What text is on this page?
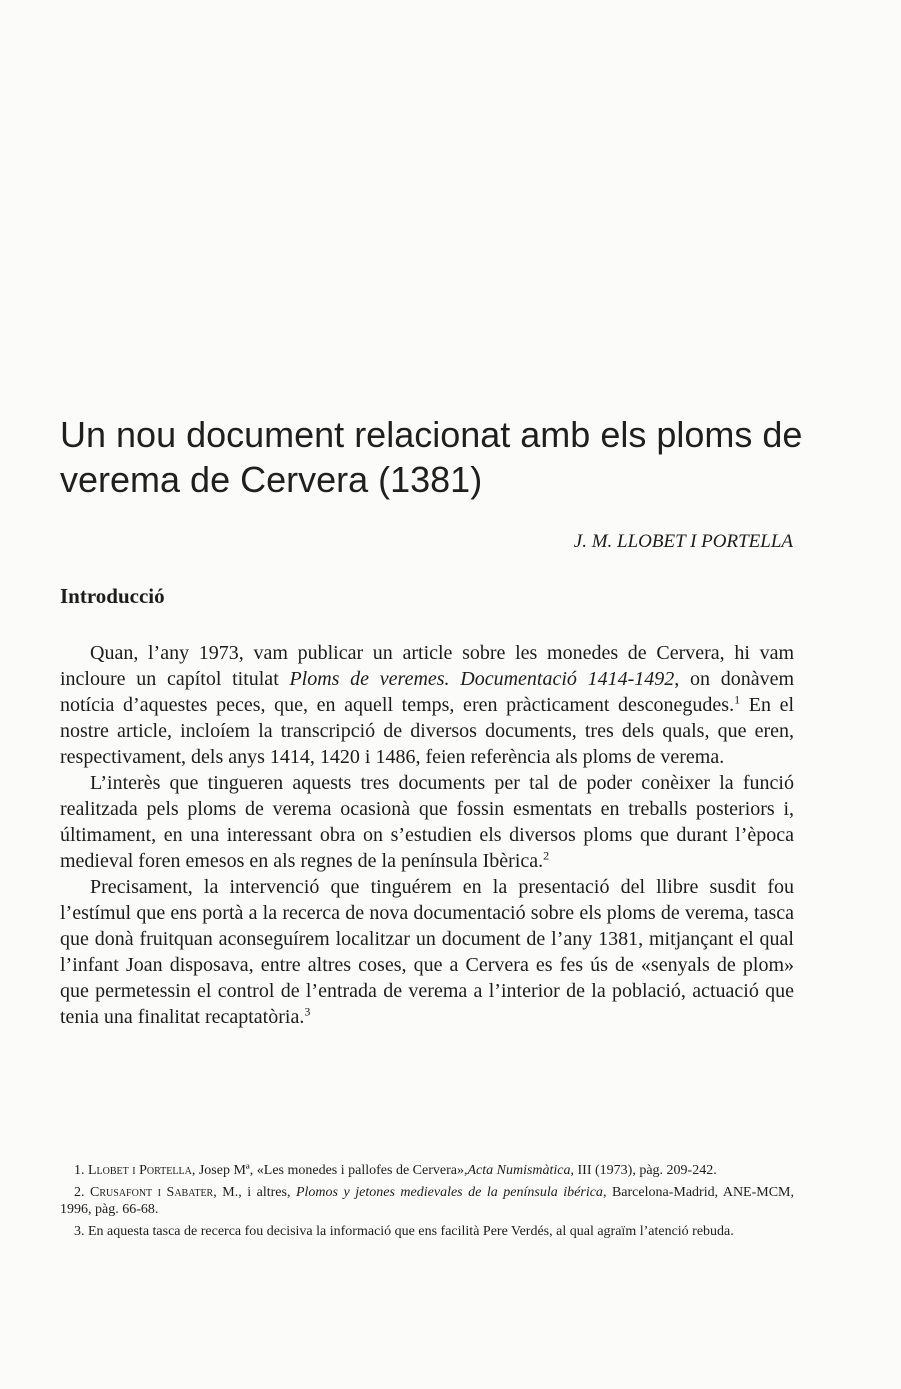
Un nou document relacionat amb els ploms de verema de Cervera (1381)

J. M. LLOBET I PORTELLA

Introducció

Quan, l’any 1973, vam publicar un article sobre les monedes de Cervera, hi vam incloure un capítol titulat Ploms de veremes. Documentació 1414-1492, on donàvem notícia d’aquestes peces, que, en aquell temps, eren pràcticament desconegudes.$^1$ En el nostre article, incloíem la transcripció de diversos documents, tres dels quals, que eren, respectivament, dels anys 1414, 1420 i 1486, feien referència als ploms de verema.

L’interès que tingueren aquests tres documents per tal de poder conèixer la funció realitzada pels ploms de verema ocasionà que fossin esmentats en treballs posteriors i, últimament, en una interessant obra on s’estudien els diversos ploms que durant l’època medieval foren emesos en als regnes de la península Ibèrica.$^2$

Precisament, la intervenció que tinguérem en la presentació del llibre susdit fou l’estímul que ens portà a la recerca de nova documentació sobre els ploms de verema, tasca que donà fruitquan aconseguírem localitzar un document de l’any 1381, mitjançant el qual l’infant Joan disposava, entre altres coses, que a Cervera es fes ús de «senyals de plom» que permetessin el control de l’entrada de verema a l’interior de la població, actuació que tenia una finalitat recaptatòria.$^3$

1. Llobet i Portella, Josep Mª, «Les monedes i pallofes de Cervera»,Acta Numismàtica, III (1973), pàg. 209-242.

2. Crusafont i Sabater, M., i altres, Plomos y jetones medievales de la península ibérica, Barcelona-Madrid, ANE-MCM, 1996, pàg. 66-68.

3. En aquesta tasca de recerca fou decisiva la informació que ens facilità Pere Verdés, al qual agraïm l’atenció rebuda.
